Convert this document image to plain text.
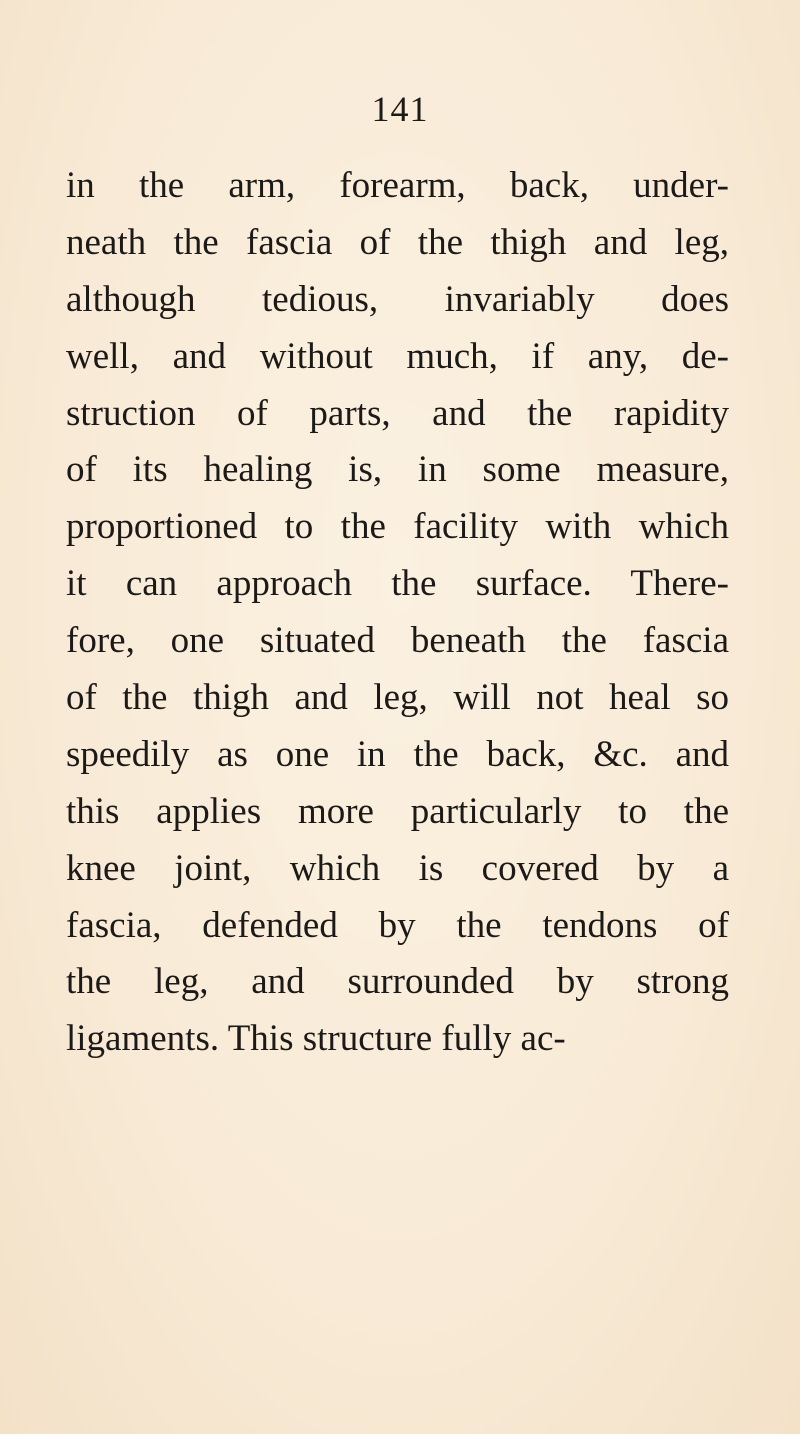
141
in the arm, forearm, back, under-
neath the fascia of the thigh and leg,
although tedious, invariably does
well, and without much, if any, de-
struction of parts, and the rapidity
of its healing is, in some measure,
proportioned to the facility with which
it can approach the surface. There-
fore, one situated beneath the fascia
of the thigh and leg, will not heal so
speedily as one in the back, &c. and
this applies more particularly to the
knee joint, which is covered by a
fascia, defended by the tendons of
the leg, and surrounded by strong
ligaments. This structure fully ac-
